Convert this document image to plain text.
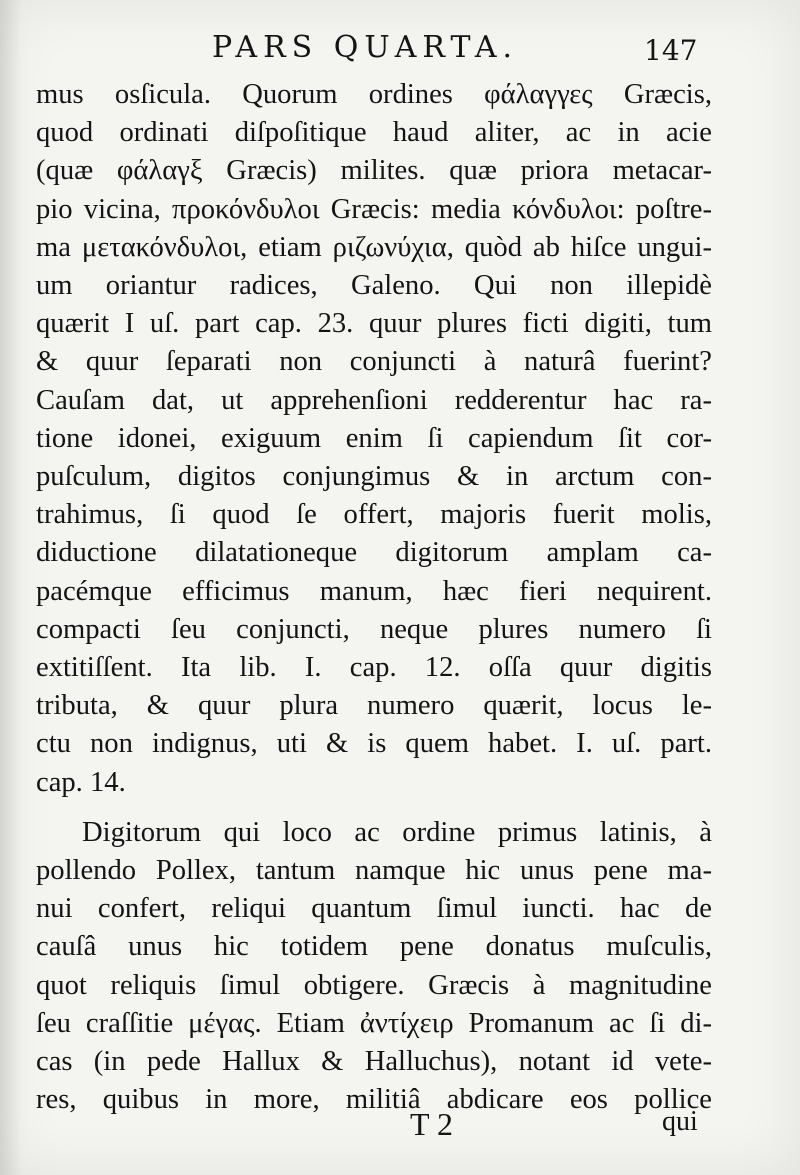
PARS QUARTA.	147
mus osſicula. Quorum ordines φάλαγγες Græcis,
quod ordinati diſpoſitique haud aliter, ac in acie
(quæ φάλαγξ Græcis) milites. quæ priora metacar-
pio vicina, προκόνδυλοι Græcis: media κόνδυλοι: poſtre-
ma μετακόνδυλοι, etiam ριζωνύχια, quòd ab hiſce ungui-
um oriantur radices, Galeno. Qui non illepidè
quærit I uſ. part cap. 23. quur plures ficti digiti, tum
& quur ſeparati non conjuncti à naturâ fuerint?
Cauſam dat, ut apprehenſioni redderentur hac ra-
tione idonei, exiguum enim ſi capiendum ſit cor-
puſculum, digitos conjungimus & in arctum con-
trahimus, ſi quod ſe offert, majoris fuerit molis,
diductione dilatationeque digitorum amplam ca-
pacémque efficimus manum, hæc fieri nequirent.
compacti ſeu conjuncti, neque plures numero ſi
extitiſſent. Ita lib. I. cap. 12. oſſa quur digitis
tributa, & quur plura numero quærit, locus le-
ctu non indignus, uti & is quem habet. I. uſ. part.
cap. 14.
Digitorum qui loco ac ordine primus latinis, à
pollendo Pollex, tantum namque hic unus pene ma-
nui confert, reliqui quantum ſimul iuncti. hac de
cauſâ unus hic totidem pene donatus muſculis,
quot reliquis ſimul obtigere. Græcis à magnitudine
ſeu craſſitie μέγας. Etiam ἀντίχειρ Promanum ac ſi di-
cas (in pede Hallux & Halluchus), notant id vete-
res, quibus in more, militiâ abdicare eos pollice
T 2	qui
